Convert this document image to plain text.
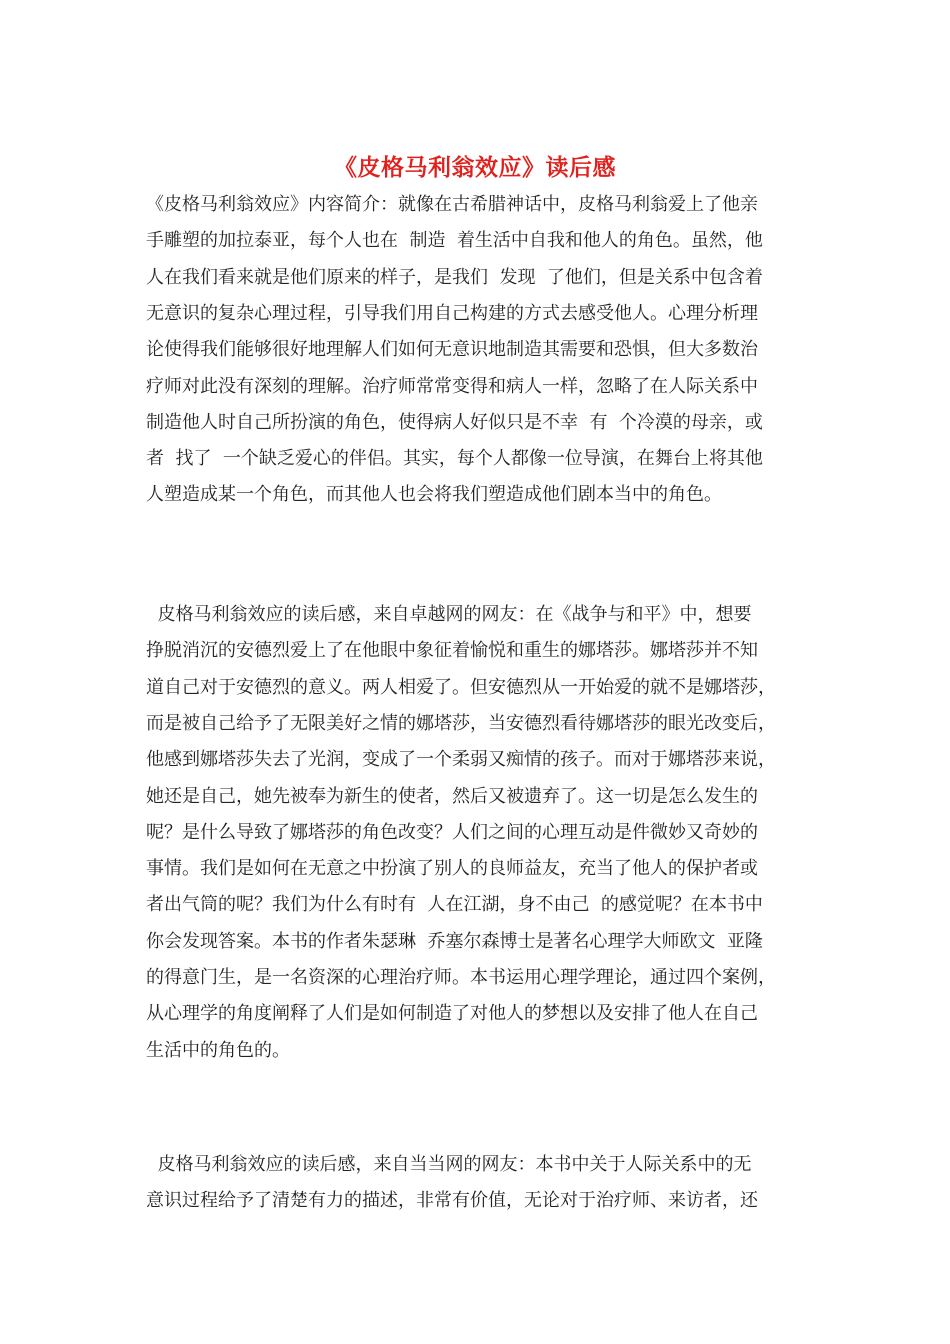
《皮格马利翁效应》读后感
《皮格马利翁效应》内容简介：就像在古希腊神话中，皮格马利翁爱上了他亲
手雕塑的加拉泰亚，每个人也在  制造  着生活中自我和他人的角色。虽然，他
人在我们看来就是他们原来的样子，是我们  发现  了他们，但是关系中包含着
无意识的复杂心理过程，引导我们用自己构建的方式去感受他人。心理分析理
论使得我们能够很好地理解人们如何无意识地制造其需要和恐惧，但大多数治
疗师对此没有深刻的理解。治疗师常常变得和病人一样，忽略了在人际关系中
制造他人时自己所扮演的角色，使得病人好似只是不幸  有  个冷漠的母亲，或
者  找了  一个缺乏爱心的伴侣。其实，每个人都像一位导演，在舞台上将其他
人塑造成某一个角色，而其他人也会将我们塑造成他们剧本当中的角色。
皮格马利翁效应的读后感，来自卓越网的网友：在《战争与和平》中，想要
挣脱消沉的安德烈爱上了在他眼中象征着愉悦和重生的娜塔莎。娜塔莎并不知
道自己对于安德烈的意义。两人相爱了。但安德烈从一开始爱的就不是娜塔莎，
而是被自己给予了无限美好之情的娜塔莎，当安德烈看待娜塔莎的眼光改变后，
他感到娜塔莎失去了光润，变成了一个柔弱又痴情的孩子。而对于娜塔莎来说，
她还是自己，她先被奉为新生的使者，然后又被遗弃了。这一切是怎么发生的
呢？是什么导致了娜塔莎的角色改变？人们之间的心理互动是件微妙又奇妙的
事情。我们是如何在无意之中扮演了别人的良师益友，充当了他人的保护者或
者出气筒的呢？我们为什么有时有  人在江湖，身不由己  的感觉呢？在本书中
你会发现答案。本书的作者朱瑟琳  乔塞尔森博士是著名心理学大师欧文  亚隆
的得意门生，是一名资深的心理治疗师。本书运用心理学理论，通过四个案例，
从心理学的角度阐释了人们是如何制造了对他人的梦想以及安排了他人在自己
生活中的角色的。
皮格马利翁效应的读后感，来自当当网的网友：本书中关于人际关系中的无
意识过程给予了清楚有力的描述，非常有价值，无论对于治疗师、来访者，还
